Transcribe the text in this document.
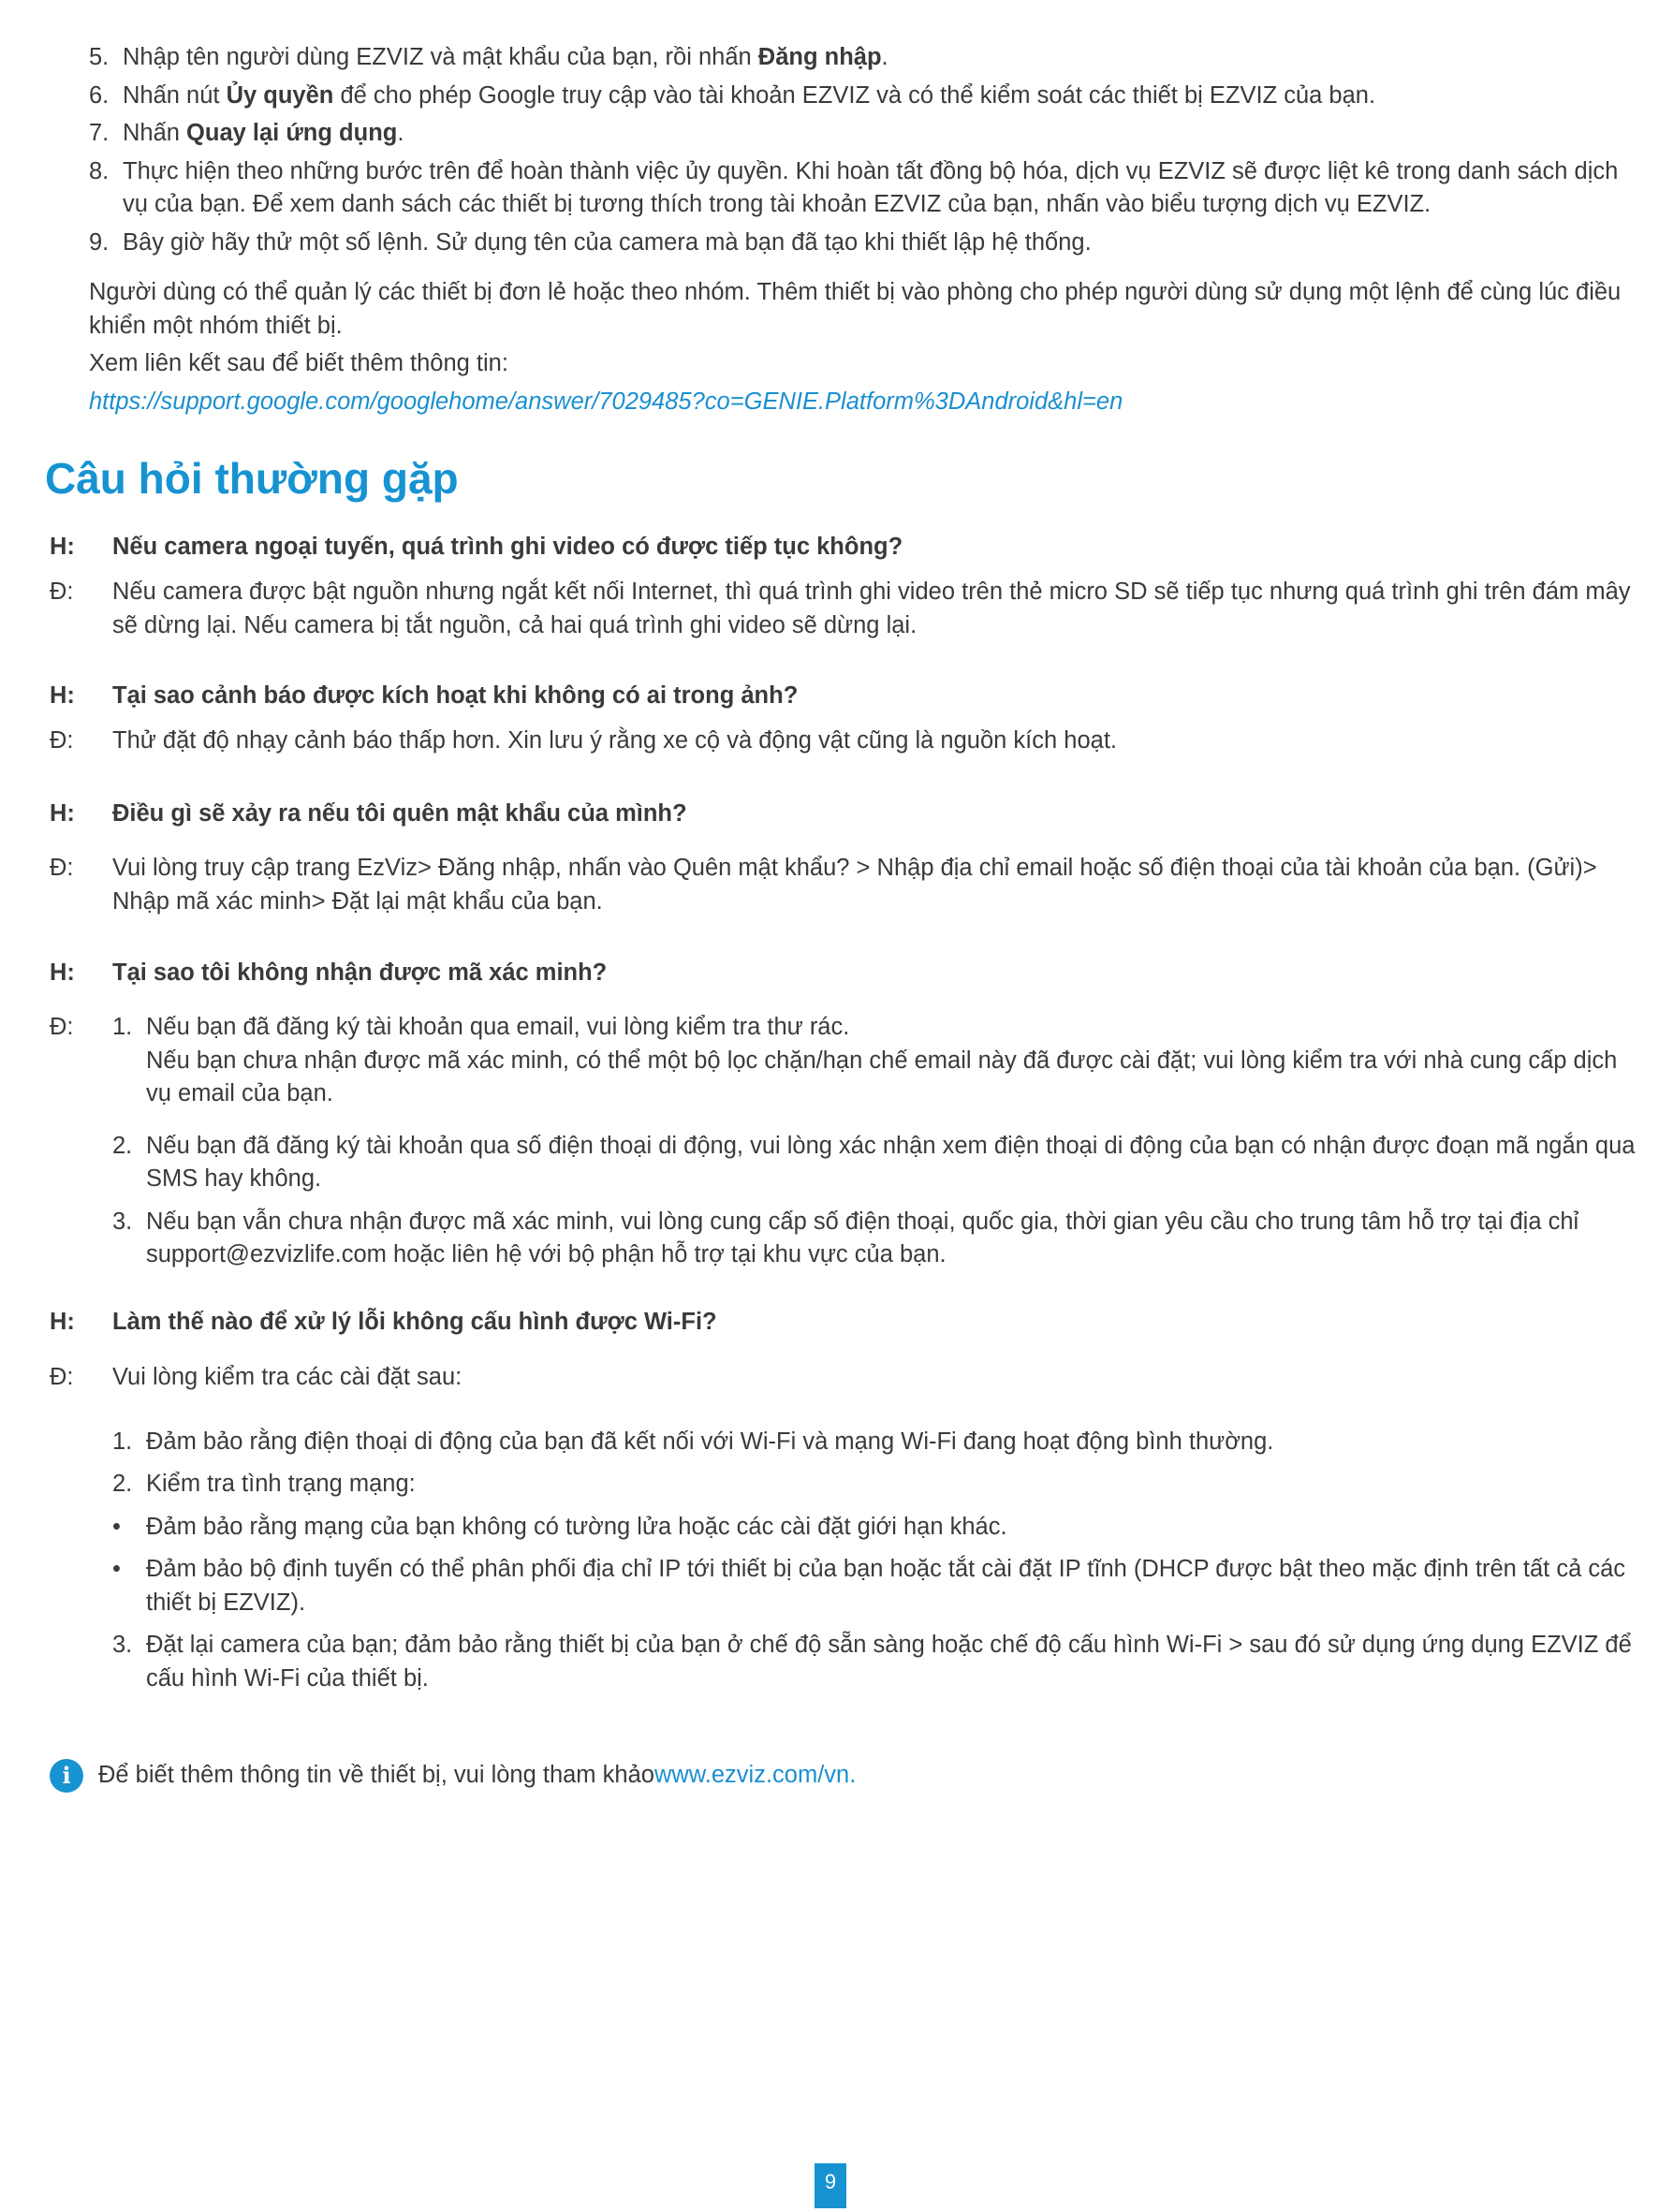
5. Nhập tên người dùng EZVIZ và mật khẩu của bạn, rồi nhấn Đăng nhập.
6. Nhấn nút Ủy quyền để cho phép Google truy cập vào tài khoản EZVIZ và có thể kiểm soát các thiết bị EZVIZ của bạn.
7. Nhấn Quay lại ứng dụng.
8. Thực hiện theo những bước trên để hoàn thành việc ủy quyền. Khi hoàn tất đồng bộ hóa, dịch vụ EZVIZ sẽ được liệt kê trong danh sách dịch vụ của bạn. Để xem danh sách các thiết bị tương thích trong tài khoản EZVIZ của bạn, nhấn vào biểu tượng dịch vụ EZVIZ.
9. Bây giờ hãy thử một số lệnh. Sử dụng tên của camera mà bạn đã tạo khi thiết lập hệ thống.

Người dùng có thể quản lý các thiết bị đơn lẻ hoặc theo nhóm. Thêm thiết bị vào phòng cho phép người dùng sử dụng một lệnh để cùng lúc điều khiển một nhóm thiết bị.

Xem liên kết sau để biết thêm thông tin:

https://support.google.com/googlehome/answer/7029485?co=GENIE.Platform%3DAndroid&hl=en

Câu hỏi thường gặp
H:	Nếu camera ngoại tuyến, quá trình ghi video có được tiếp tục không?
Đ:	Nếu camera được bật nguồn nhưng ngắt kết nối Internet, thì quá trình ghi video trên thẻ micro SD sẽ tiếp tục nhưng quá trình ghi trên đám mây sẽ dừng lại. Nếu camera bị tắt nguồn, cả hai quá trình ghi video sẽ dừng lại.
H:	Tại sao cảnh báo được kích hoạt khi không có ai trong ảnh?
Đ:	Thử đặt độ nhạy cảnh báo thấp hơn. Xin lưu ý rằng xe cộ và động vật cũng là nguồn kích hoạt.
H:	Điều gì sẽ xảy ra nếu tôi quên mật khẩu của mình?
Đ:	Vui lòng truy cập trang EzViz> Đăng nhập, nhấn vào Quên mật khẩu? > Nhập địa chỉ email hoặc số điện thoại của tài khoản của bạn. (Gửi)> Nhập mã xác minh> Đặt lại mật khẩu của bạn.
H:	Tại sao tôi không nhận được mã xác minh?
Đ:	1. Nếu bạn đã đăng ký tài khoản qua email, vui lòng kiểm tra thư rác.
Nếu bạn chưa nhận được mã xác minh, có thể một bộ lọc chặn/hạn chế email này đã được cài đặt; vui lòng kiểm tra với nhà cung cấp dịch vụ email của bạn.
2. Nếu bạn đã đăng ký tài khoản qua số điện thoại di động, vui lòng xác nhận xem điện thoại di động của bạn có nhận được đoạn mã ngắn qua SMS hay không.
3. Nếu bạn vẫn chưa nhận được mã xác minh, vui lòng cung cấp số điện thoại, quốc gia, thời gian yêu cầu cho trung tâm hỗ trợ tại địa chỉ support@ezvizlife.com hoặc liên hệ với bộ phận hỗ trợ tại khu vực của bạn.
H:	Làm thế nào để xử lý lỗi không cấu hình được Wi-Fi?
Đ:	Vui lòng kiểm tra các cài đặt sau:
1. Đảm bảo rằng điện thoại di động của bạn đã kết nối với Wi-Fi và mạng Wi-Fi đang hoạt động bình thường.
2. Kiểm tra tình trạng mạng:
•	Đảm bảo rằng mạng của bạn không có tường lửa hoặc các cài đặt giới hạn khác.
•	Đảm bảo bộ định tuyến có thể phân phối địa chỉ IP tới thiết bị của bạn hoặc tắt cài đặt IP tĩnh (DHCP được bật theo mặc định trên tất cả các thiết bị EZVIZ).
3. Đặt lại camera của bạn; đảm bảo rằng thiết bị của bạn ở chế độ sẵn sàng hoặc chế độ cấu hình Wi-Fi > sau đó sử dụng ứng dụng EZVIZ để cấu hình Wi-Fi của thiết bị.
i	Để biết thêm thông tin về thiết bị, vui lòng tham khảo www.ezviz.com/vn.
9
